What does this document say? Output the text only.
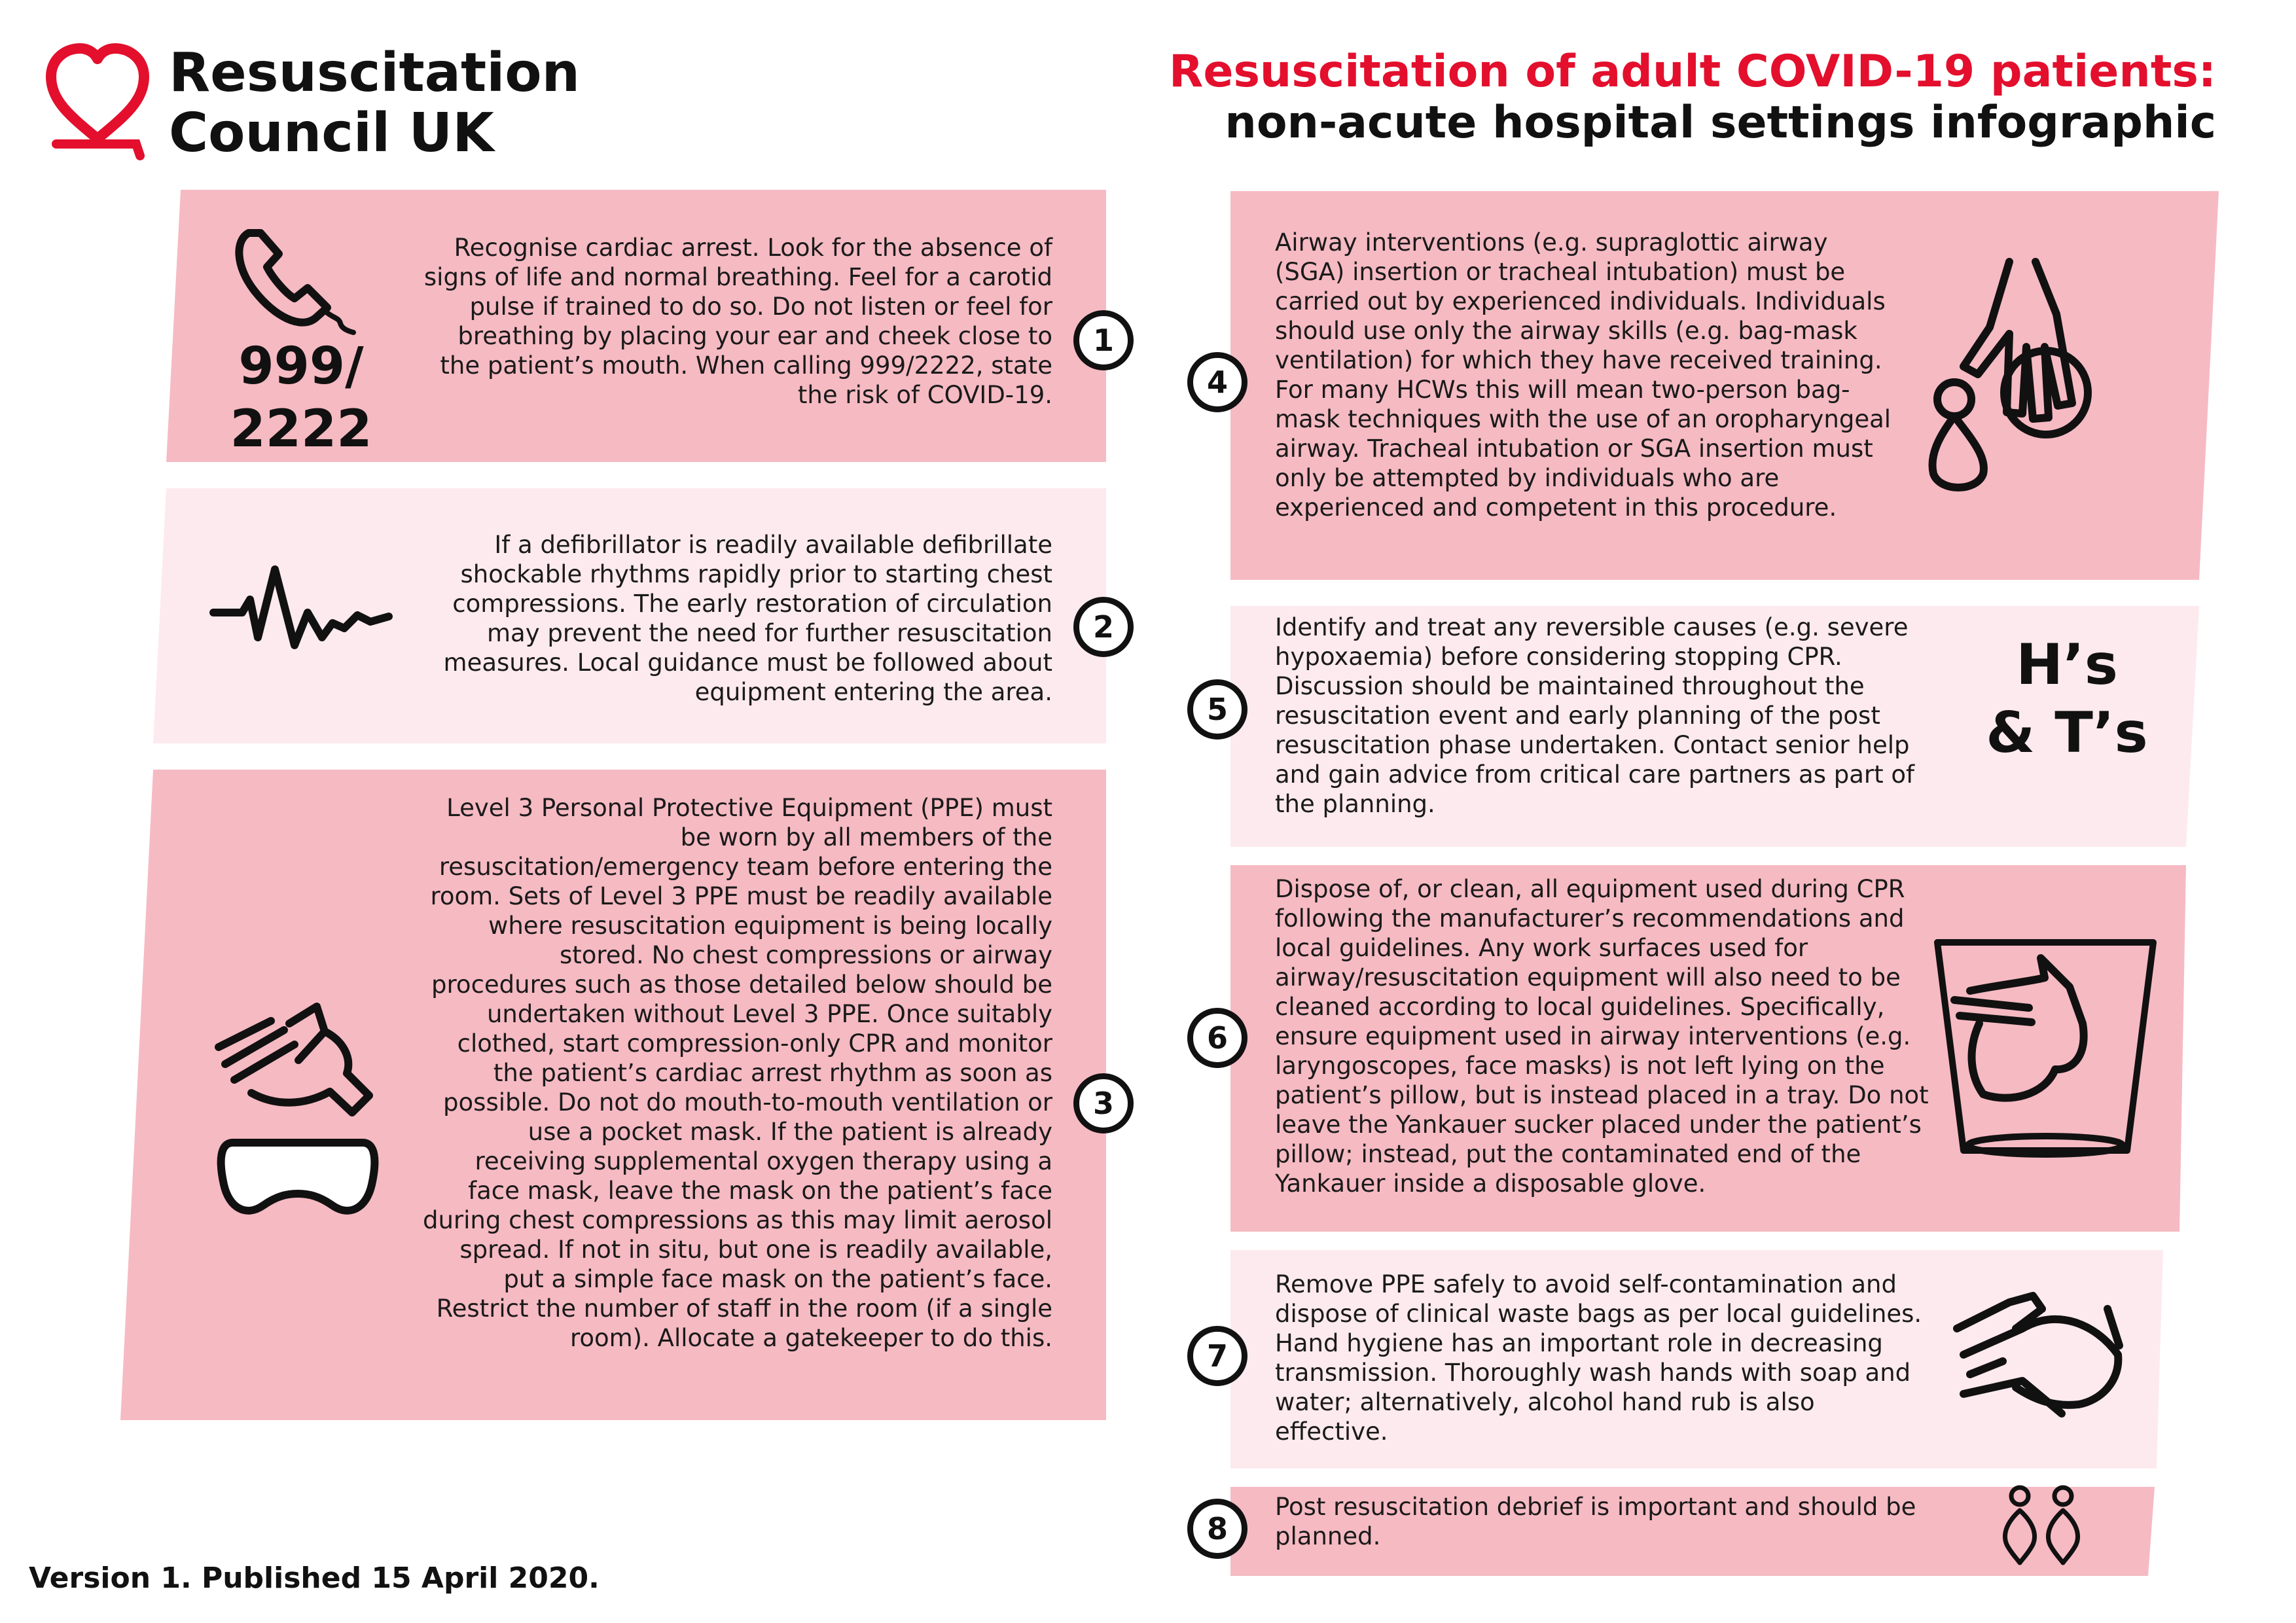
Resuscitation
Council UK
Resuscitation of adult COVID-19 patients:
non-acute hospital settings infographic
Recognise cardiac arrest. Look for the absence of signs of life and normal breathing. Feel for a carotid pulse if trained to do so. Do not listen or feel for breathing by placing your ear and cheek close to the patient’s mouth. When calling 999/2222, state the risk of COVID-19.
1
999/
2222
If a defibrillator is readily available defibrillate shockable rhythms rapidly prior to starting chest compressions. The early restoration of circulation may prevent the need for further resuscitation measures. Local guidance must be followed about equipment entering the area.
2
Level 3 Personal Protective Equipment (PPE) must be worn by all members of the resuscitation/emergency team before entering the room. Sets of Level 3 PPE must be readily available where resuscitation equipment is being locally stored. No chest compressions or airway procedures such as those detailed below should be undertaken without Level 3 PPE. Once suitably clothed, start compression-only CPR and monitor the patient’s cardiac arrest rhythm as soon as possible. Do not do mouth-to-mouth ventilation or use a pocket mask. If the patient is already receiving supplemental oxygen therapy using a face mask, leave the mask on the patient’s face during chest compressions as this may limit aerosol spread. If not in situ, but one is readily available, put a simple face mask on the patient’s face. Restrict the number of staff in the room (if a single room). Allocate a gatekeeper to do this.
3
Airway interventions (e.g. supraglottic airway (SGA) insertion or tracheal intubation) must be carried out by experienced individuals. Individuals should use only the airway skills (e.g. bag-mask ventilation) for which they have received training. For many HCWs this will mean two-person bag-mask techniques with the use of an oropharyngeal airway. Tracheal intubation or SGA insertion must only be attempted by individuals who are experienced and competent in this procedure.
4
Identify and treat any reversible causes (e.g. severe hypoxaemia) before considering stopping CPR. Discussion should be maintained throughout the resuscitation event and early planning of the post resuscitation phase undertaken. Contact senior help and gain advice from critical care partners as part of the planning.
5
H’s
& T’s
Dispose of, or clean, all equipment used during CPR following the manufacturer’s recommendations and local guidelines. Any work surfaces used for airway/resuscitation equipment will also need to be cleaned according to local guidelines. Specifically, ensure equipment used in airway interventions (e.g. laryngoscopes, face masks) is not left lying on the patient’s pillow, but is instead placed in a tray. Do not leave the Yankauer sucker placed under the patient’s pillow; instead, put the contaminated end of the Yankauer inside a disposable glove.
6
Remove PPE safely to avoid self-contamination and dispose of clinical waste bags as per local guidelines. Hand hygiene has an important role in decreasing transmission. Thoroughly wash hands with soap and water; alternatively, alcohol hand rub is also effective.
7
Post resuscitation debrief is important and should be planned.
8
Version 1. Published 15 April 2020.
